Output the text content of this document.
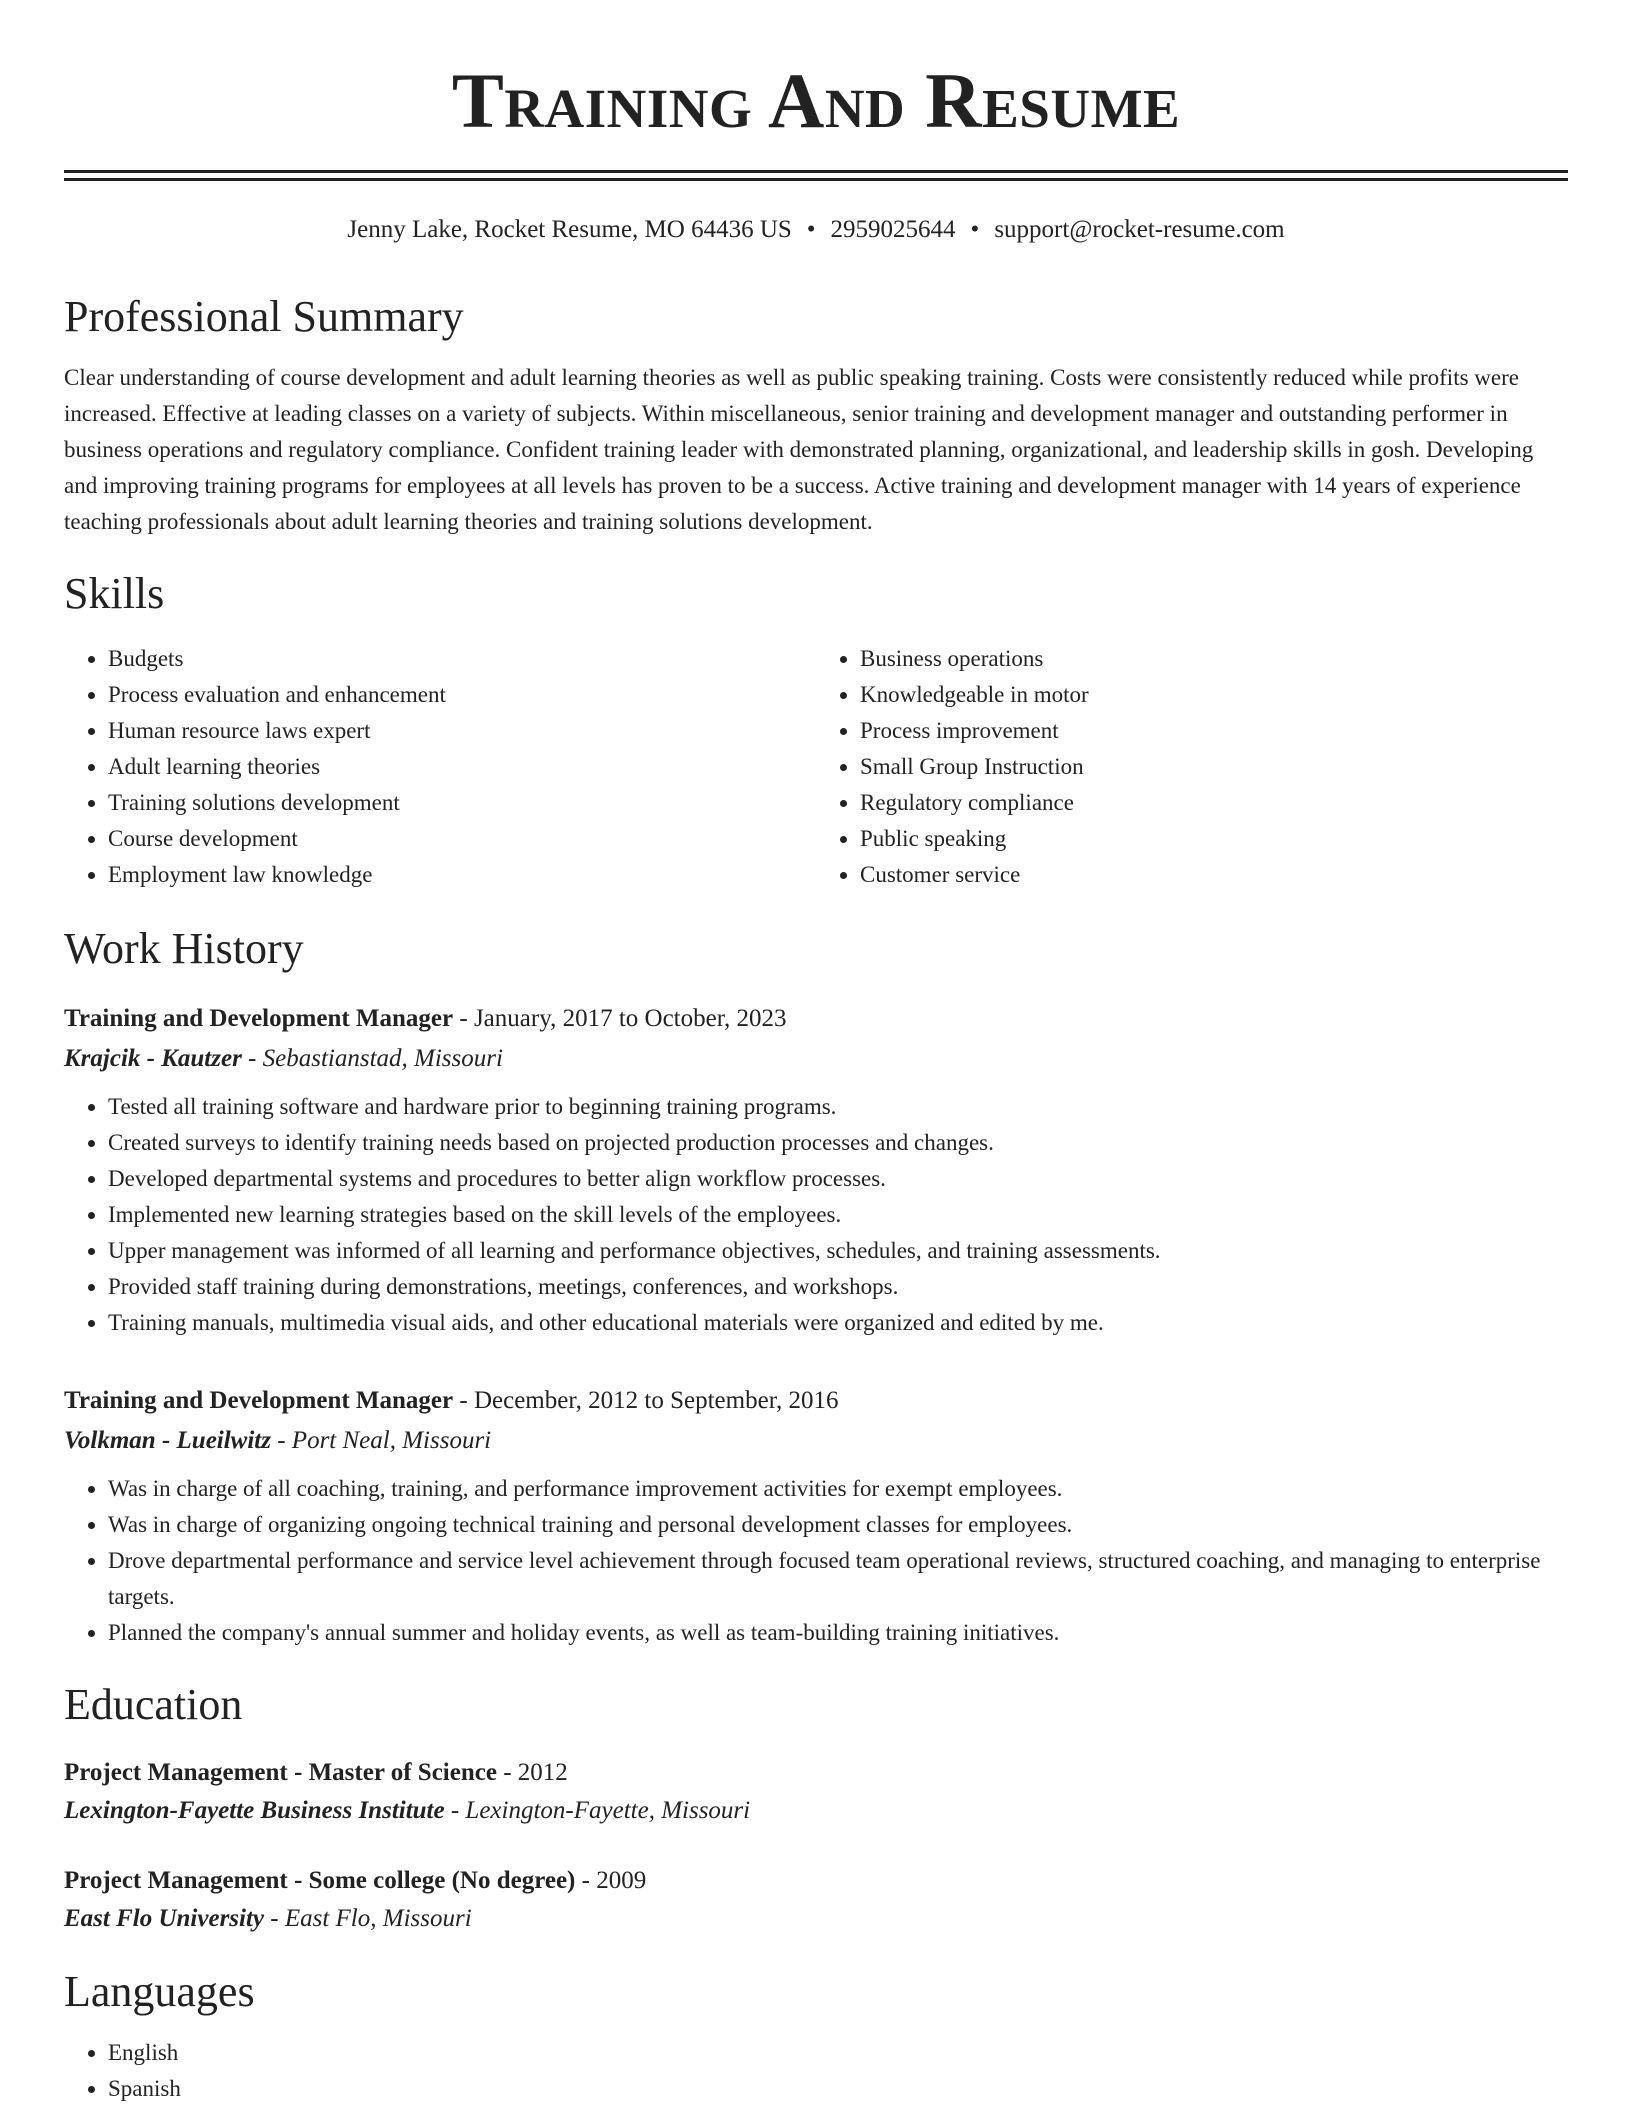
Training And Resume
Jenny Lake, Rocket Resume, MO 64436 US • 2959025644 • support@rocket-resume.com
Professional Summary

Clear understanding of course development and adult learning theories as well as public speaking training. Costs were consistently reduced while profits were increased. Effective at leading classes on a variety of subjects. Within miscellaneous, senior training and development manager and outstanding performer in business operations and regulatory compliance. Confident training leader with demonstrated planning, organizational, and leadership skills in gosh. Developing and improving training programs for employees at all levels has proven to be a success. Active training and development manager with 14 years of experience teaching professionals about adult learning theories and training solutions development.

Skills
• Budgets
• Process evaluation and enhancement
• Human resource laws expert
• Adult learning theories
• Training solutions development
• Course development
• Employment law knowledge
• Business operations
• Knowledgeable in motor
• Process improvement
• Small Group Instruction
• Regulatory compliance
• Public speaking
• Customer service
Work History
Training and Development Manager - January, 2017 to October, 2023
Krajcik - Kautzer - Sebastianstad, Missouri
• Tested all training software and hardware prior to beginning training programs.
• Created surveys to identify training needs based on projected production processes and changes.
• Developed departmental systems and procedures to better align workflow processes.
• Implemented new learning strategies based on the skill levels of the employees.
• Upper management was informed of all learning and performance objectives, schedules, and training assessments.
• Provided staff training during demonstrations, meetings, conferences, and workshops.
• Training manuals, multimedia visual aids, and other educational materials were organized and edited by me.
Training and Development Manager - December, 2012 to September, 2016
Volkman - Lueilwitz - Port Neal, Missouri
• Was in charge of all coaching, training, and performance improvement activities for exempt employees.
• Was in charge of organizing ongoing technical training and personal development classes for employees.
• Drove departmental performance and service level achievement through focused team operational reviews, structured coaching, and managing to enterprise targets.
• Planned the company's annual summer and holiday events, as well as team-building training initiatives.
Education
Project Management - Master of Science - 2012
Lexington-Fayette Business Institute - Lexington-Fayette, Missouri
Project Management - Some college (No degree) - 2009
East Flo University - East Flo, Missouri
Languages
• English
• Spanish
